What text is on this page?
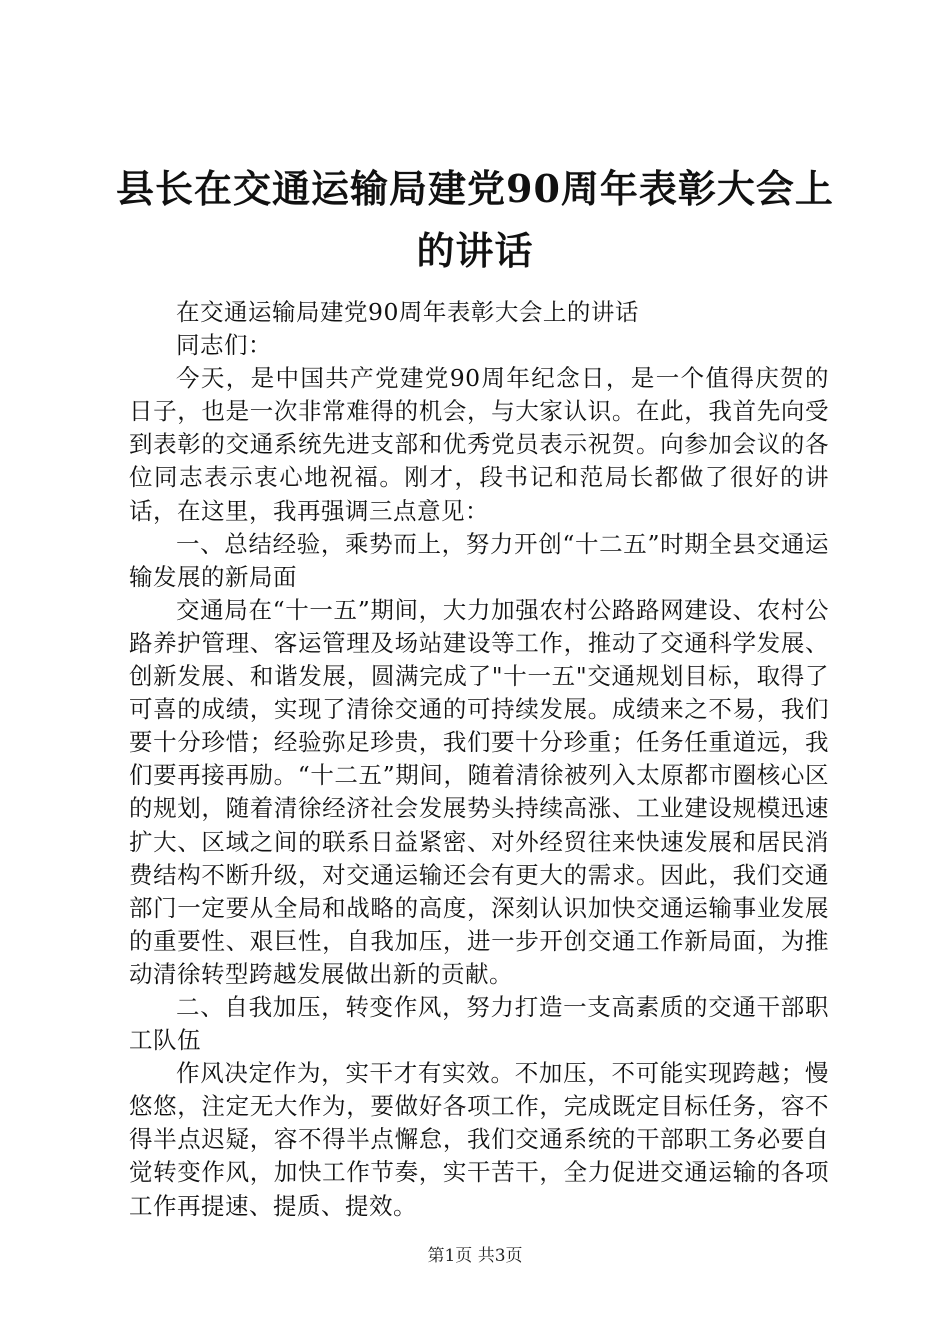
县长在交通运输局建党90周年表彰大会上的讲话

在交通运输局建党90周年表彰大会上的讲话

同志们：

今天，是中国共产党建党90周年纪念日，是一个值得庆贺的日子，也是一次非常难得的机会，与大家认识。在此，我首先向受到表彰的交通系统先进支部和优秀党员表示祝贺。向参加会议的各位同志表示衷心地祝福。刚才，段书记和范局长都做了很好的讲话，在这里，我再强调三点意见：

一、总结经验，乘势而上，努力开创“十二五”时期全县交通运输发展的新局面

交通局在“十一五”期间，大力加强农村公路路网建设、农村公路养护管理、客运管理及场站建设等工作，推动了交通科学发展、创新发展、和谐发展，圆满完成了"十一五"交通规划目标，取得了可喜的成绩，实现了清徐交通的可持续发展。成绩来之不易，我们要十分珍惜；经验弥足珍贵，我们要十分珍重；任务任重道远，我们要再接再励。“十二五”期间，随着清徐被列入太原都市圈核心区的规划，随着清徐经济社会发展势头持续高涨、工业建设规模迅速扩大、区域之间的联系日益紧密、对外经贸往来快速发展和居民消费结构不断升级，对交通运输还会有更大的需求。因此，我们交通部门一定要从全局和战略的高度，深刻认识加快交通运输事业发展的重要性、艰巨性，自我加压，进一步开创交通工作新局面，为推动清徐转型跨越发展做出新的贡献。

二、自我加压，转变作风，努力打造一支高素质的交通干部职工队伍

作风决定作为，实干才有实效。不加压，不可能实现跨越；慢悠悠，注定无大作为，要做好各项工作，完成既定目标任务，容不得半点迟疑，容不得半点懈怠，我们交通系统的干部职工务必要自觉转变作风，加快工作节奏，实干苦干，全力促进交通运输的各项工作再提速、提质、提效。

第1页 共3页
